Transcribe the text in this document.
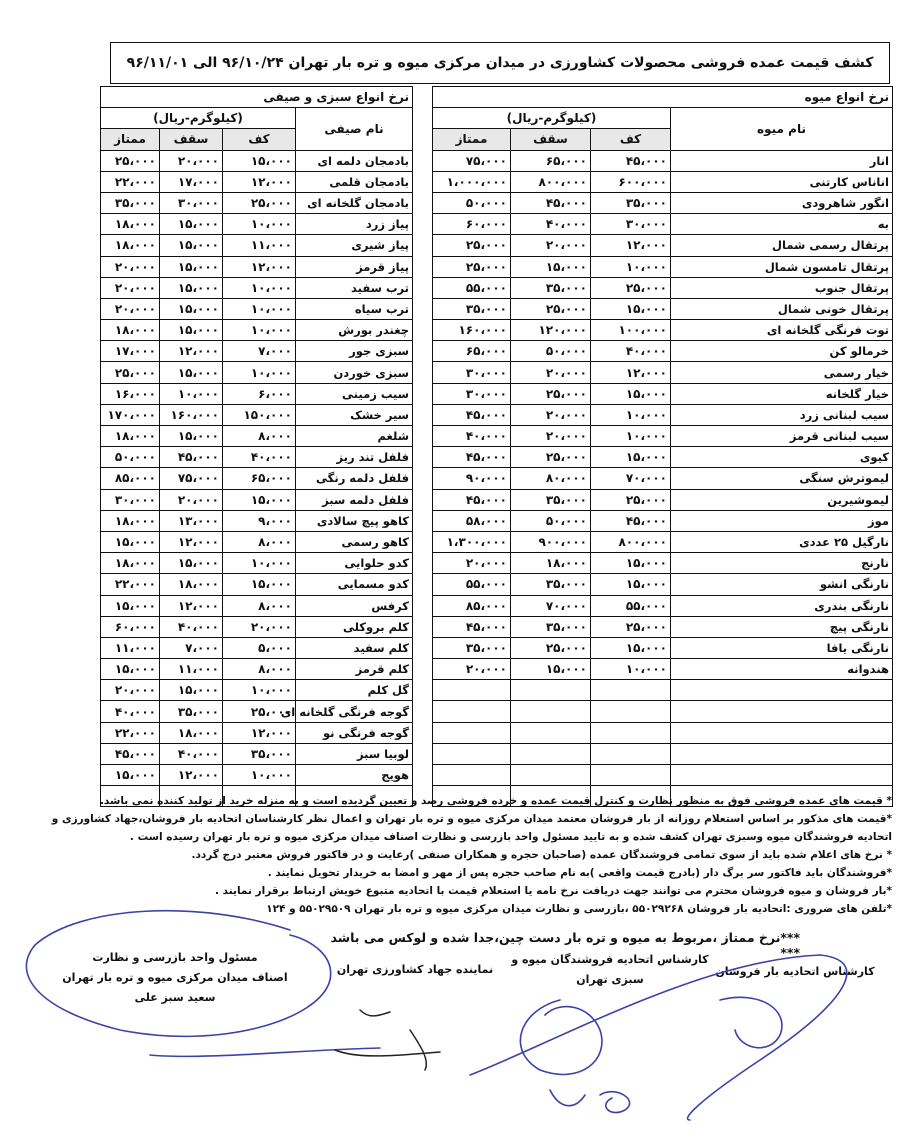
کشف قیمت عمده فروشی محصولات کشاورزی در میدان مرکزی میوه و تره بار تهران ۹۶/۱۰/۲۴ الی ۹۶/۱۱/۰۱
نرخ انواع سبزی و صیفی					نرخ انواع میوه			
(کیلوگرم-ریال)			نام صیفی		(کیلوگرم-ریال)			نام میوه
ممتاز	سقف	کف			ممتاز	سقف	کف	
۲۵،۰۰۰	۲۰،۰۰۰	۱۵،۰۰۰	بادمجان دلمه ای		۷۵،۰۰۰	۶۵،۰۰۰	۴۵،۰۰۰	انار
۲۲،۰۰۰	۱۷،۰۰۰	۱۲،۰۰۰	بادمجان قلمی		۱،۰۰۰،۰۰۰	۸۰۰،۰۰۰	۶۰۰،۰۰۰	اناناس کارتنی
۳۵،۰۰۰	۳۰،۰۰۰	۲۵،۰۰۰	بادمجان گلخانه ای		۵۰،۰۰۰	۴۵،۰۰۰	۳۵،۰۰۰	انگور شاهرودی
۱۸،۰۰۰	۱۵،۰۰۰	۱۰،۰۰۰	پیاز زرد		۶۰،۰۰۰	۴۰،۰۰۰	۳۰،۰۰۰	به
۱۸،۰۰۰	۱۵،۰۰۰	۱۱،۰۰۰	پیاز شیری		۲۵،۰۰۰	۲۰،۰۰۰	۱۲،۰۰۰	پرتقال رسمی شمال
۲۰،۰۰۰	۱۵،۰۰۰	۱۲،۰۰۰	پیاز قرمز		۲۵،۰۰۰	۱۵،۰۰۰	۱۰،۰۰۰	پرتقال تامسون شمال
۲۰،۰۰۰	۱۵،۰۰۰	۱۰،۰۰۰	ترب سفید		۵۵،۰۰۰	۳۵،۰۰۰	۲۵،۰۰۰	پرتقال جنوب
۲۰،۰۰۰	۱۵،۰۰۰	۱۰،۰۰۰	ترب سیاه		۳۵،۰۰۰	۲۵،۰۰۰	۱۵،۰۰۰	پرتقال خونی شمال
۱۸،۰۰۰	۱۵،۰۰۰	۱۰،۰۰۰	چغندر بورش		۱۶۰،۰۰۰	۱۲۰،۰۰۰	۱۰۰،۰۰۰	توت فرنگی گلخانه ای
۱۷،۰۰۰	۱۲،۰۰۰	۷،۰۰۰	سبزی جور		۶۵،۰۰۰	۵۰،۰۰۰	۴۰،۰۰۰	خرمالو کن
۲۵،۰۰۰	۱۵،۰۰۰	۱۰،۰۰۰	سبزی خوردن		۳۰،۰۰۰	۲۰،۰۰۰	۱۲،۰۰۰	خیار رسمی
۱۶،۰۰۰	۱۰،۰۰۰	۶،۰۰۰	سیب زمینی		۳۰،۰۰۰	۲۵،۰۰۰	۱۵،۰۰۰	خیار گلخانه
۱۷۰،۰۰۰	۱۶۰،۰۰۰	۱۵۰،۰۰۰	سیر خشک		۴۵،۰۰۰	۲۰،۰۰۰	۱۰،۰۰۰	سیب لبنانی زرد
۱۸،۰۰۰	۱۵،۰۰۰	۸،۰۰۰	شلغم		۴۰،۰۰۰	۲۰،۰۰۰	۱۰،۰۰۰	سیب لبنانی قرمز
۵۰،۰۰۰	۴۵،۰۰۰	۴۰،۰۰۰	فلفل تند ریز		۴۵،۰۰۰	۲۵،۰۰۰	۱۵،۰۰۰	کیوی
۸۵،۰۰۰	۷۵،۰۰۰	۶۵،۰۰۰	فلفل دلمه رنگی		۹۰،۰۰۰	۸۰،۰۰۰	۷۰،۰۰۰	لیموترش سنگی
۳۰،۰۰۰	۲۰،۰۰۰	۱۵،۰۰۰	فلفل دلمه سبز		۴۵،۰۰۰	۳۵،۰۰۰	۲۵،۰۰۰	لیموشیرین
۱۸،۰۰۰	۱۳،۰۰۰	۹،۰۰۰	کاهو پیچ سالادی		۵۸،۰۰۰	۵۰،۰۰۰	۴۵،۰۰۰	موز
۱۵،۰۰۰	۱۲،۰۰۰	۸،۰۰۰	کاهو رسمی		۱،۳۰۰،۰۰۰	۹۰۰،۰۰۰	۸۰۰،۰۰۰	نارگیل ۲۵ عددی
۱۸،۰۰۰	۱۵،۰۰۰	۱۰،۰۰۰	کدو حلوایی		۲۰،۰۰۰	۱۸،۰۰۰	۱۵،۰۰۰	نارنج
۲۲،۰۰۰	۱۸،۰۰۰	۱۵،۰۰۰	کدو مسمایی		۵۵،۰۰۰	۳۵،۰۰۰	۱۵،۰۰۰	نارنگی انشو
۱۵،۰۰۰	۱۲،۰۰۰	۸،۰۰۰	کرفس		۸۵،۰۰۰	۷۰،۰۰۰	۵۵،۰۰۰	نارنگی بندری
۶۰،۰۰۰	۴۰،۰۰۰	۲۰،۰۰۰	کلم بروکلی		۴۵،۰۰۰	۳۵،۰۰۰	۲۵،۰۰۰	نارنگی پیچ
۱۱،۰۰۰	۷،۰۰۰	۵،۰۰۰	کلم سفید		۳۵،۰۰۰	۲۵،۰۰۰	۱۵،۰۰۰	نارنگی یافا
۱۵،۰۰۰	۱۱،۰۰۰	۸،۰۰۰	کلم قرمز		۲۰،۰۰۰	۱۵،۰۰۰	۱۰،۰۰۰	هندوانه
۲۰،۰۰۰	۱۵،۰۰۰	۱۰،۰۰۰	گل کلم					
۴۰،۰۰۰	۳۵،۰۰۰	۲۵،۰۰۰	گوجه فرنگی گلخانه ای					
۲۲،۰۰۰	۱۸،۰۰۰	۱۲،۰۰۰	گوجه فرنگی نو					
۴۵،۰۰۰	۴۰،۰۰۰	۳۵،۰۰۰	لوبیا سبز					
۱۵،۰۰۰	۱۲،۰۰۰	۱۰،۰۰۰	هویج					

* قیمت های عمده فروشی فوق به منظور نظارت و کنترل قیمت عمده و خرده فروشی رصد و تعیین گردیده است و به منزله خرید از تولید کننده نمی باشد.
*قیمت های مذکور بر اساس استعلام روزانه از بار فروشان معتمد میدان مرکزی میوه و تره بار تهران و اعمال نظر کارشناسان اتحادیه بار فروشان،جهاد کشاورزی و
اتحادیه فروشندگان میوه وسبزی تهران کشف شده و به تایید مسئول واحد بازرسی و نظارت اصناف میدان مرکزی میوه و تره بار تهران رسیده است .
* نرخ های اعلام شده باید از سوی تمامی فروشندگان عمده (صاحبان حجره و همکاران صنفی )رعایت و در فاکتور فروش معتبر درج گردد.
*فروشندگان باید فاکتور سر برگ دار (بادرج قیمت واقعی )به نام صاحب حجره پس از مهر و امضا به خریدار تحویل نمایند .
*بار فروشان و میوه فروشان محترم می توانند جهت دریافت نرخ نامه یا استعلام قیمت با اتحادیه متبوع خویش ارتباط برقرار نمایند .
*تلفن های ضروری :اتحادیه بار فروشان ۵۵۰۲۹۲۶۸ ،بازرسی و نظارت میدان مرکزی میوه و تره بار تهران ۵۵۰۲۹۵۰۹ و ۱۲۴
***نرخ ممتاز ،مربوط به میوه و تره بار دست چین،جدا شده و لوکس می باشد ***
کارشناس اتحادیه بار فروشان
کارشناس اتحادیه فروشندگان میوه و
سبزی تهران
نماینده جهاد کشاورزی تهران
مسئول واحد بازرسی و نظارت
اصناف میدان مرکزی میوه و تره بار تهران
سعید سبز علی
